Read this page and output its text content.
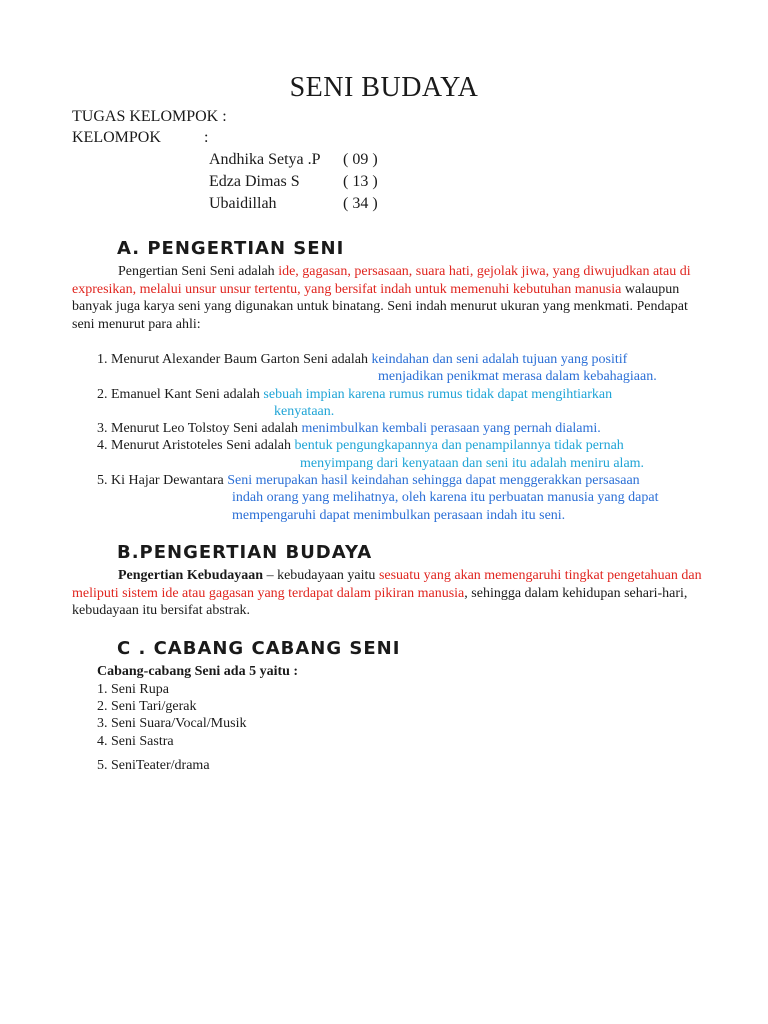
SENI BUDAYA
TUGAS KELOMPOK :
KELOMPOK	:
Andhika Setya .P ( 09 )
Edza Dimas S	( 13 )
Ubaidillah	( 34 )
A. PENGERTIAN SENI
Pengertian Seni Seni adalah ide, gagasan, persasaan, suara hati, gejolak jiwa, yang diwujudkan atau di expresikan, melalui unsur unsur tertentu, yang bersifat indah untuk memenuhi kebutuhan manusia walaupun banyak juga karya seni yang digunakan untuk binatang. Seni indah menurut ukuran yang menkmati. Pendapat seni menurut para ahli:
1. Menurut Alexander Baum Garton Seni adalah keindahan dan seni adalah tujuan yang positif
menjadikan penikmat merasa dalam kebahagiaan.
2. Emanuel Kant Seni adalah sebuah impian karena rumus rumus tidak dapat mengihtiarkan
kenyataan.
3. Menurut Leo Tolstoy Seni adalah menimbulkan kembali perasaan yang pernah dialami.
4. Menurut Aristoteles Seni adalah bentuk pengungkapannya dan penampilannya tidak pernah
menyimpang dari kenyataan dan seni itu adalah meniru alam.
5. Ki Hajar Dewantara Seni merupakan hasil keindahan sehingga dapat menggerakkan persasaan
indah orang yang melihatnya, oleh karena itu perbuatan manusia yang dapat
mempengaruhi dapat menimbulkan perasaan indah itu seni.
B.PENGERTIAN BUDAYA
Pengertian Kebudayaan – kebudayaan yaitu sesuatu yang akan memengaruhi tingkat pengetahuan dan meliputi sistem ide atau gagasan yang terdapat dalam pikiran manusia, sehingga dalam kehidupan sehari-hari, kebudayaan itu bersifat abstrak.
C . CABANG CABANG SENI
Cabang-cabang Seni ada 5 yaitu :
1. Seni Rupa
2. Seni Tari/gerak
3. Seni Suara/Vocal/Musik
4. Seni Sastra
5. SeniTeater/drama
